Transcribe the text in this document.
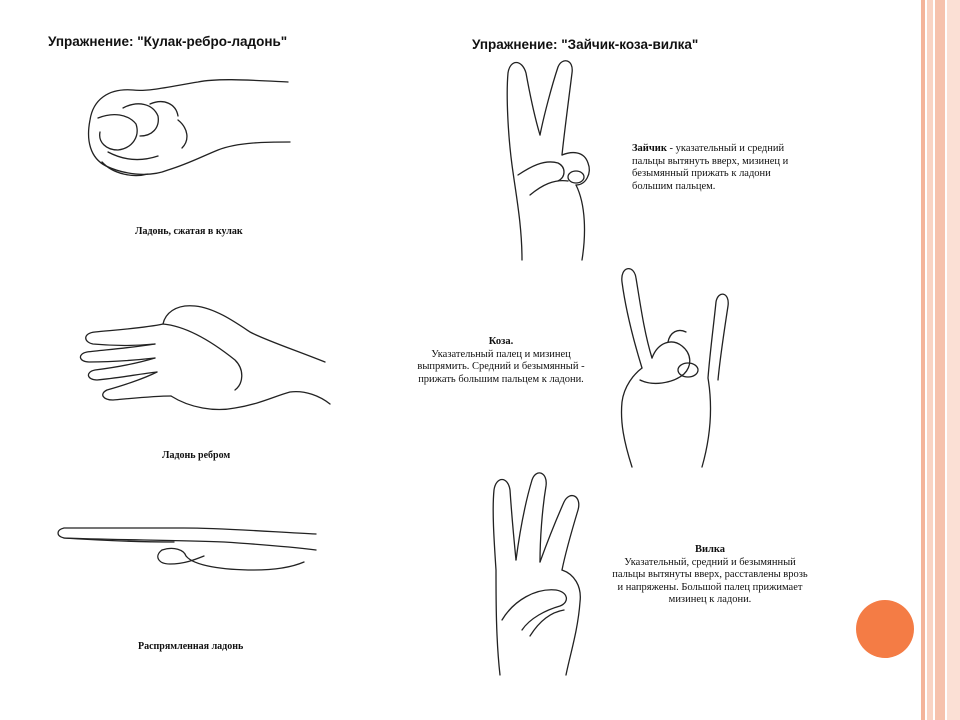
Упражнение: "Кулак-ребро-ладонь"
Ладонь, сжатая в кулак
Ладонь ребром
Распрямленная ладонь
Упражнение: "Зайчик-коза-вилка"
Зайчик - указательный и средний
пальцы вытянуть вверх, мизинец и
безымянный прижать к ладони
большим пальцем.
Коза.
Указательный палец и мизинец
выпрямить. Средний и безымянный -
прижать большим пальцем к ладони.
Вилка
Указательный, средний и безымянный
пальцы вытянуты вверх, расставлены врозь
и напряжены. Большой палец прижимает
мизинец к ладони.
